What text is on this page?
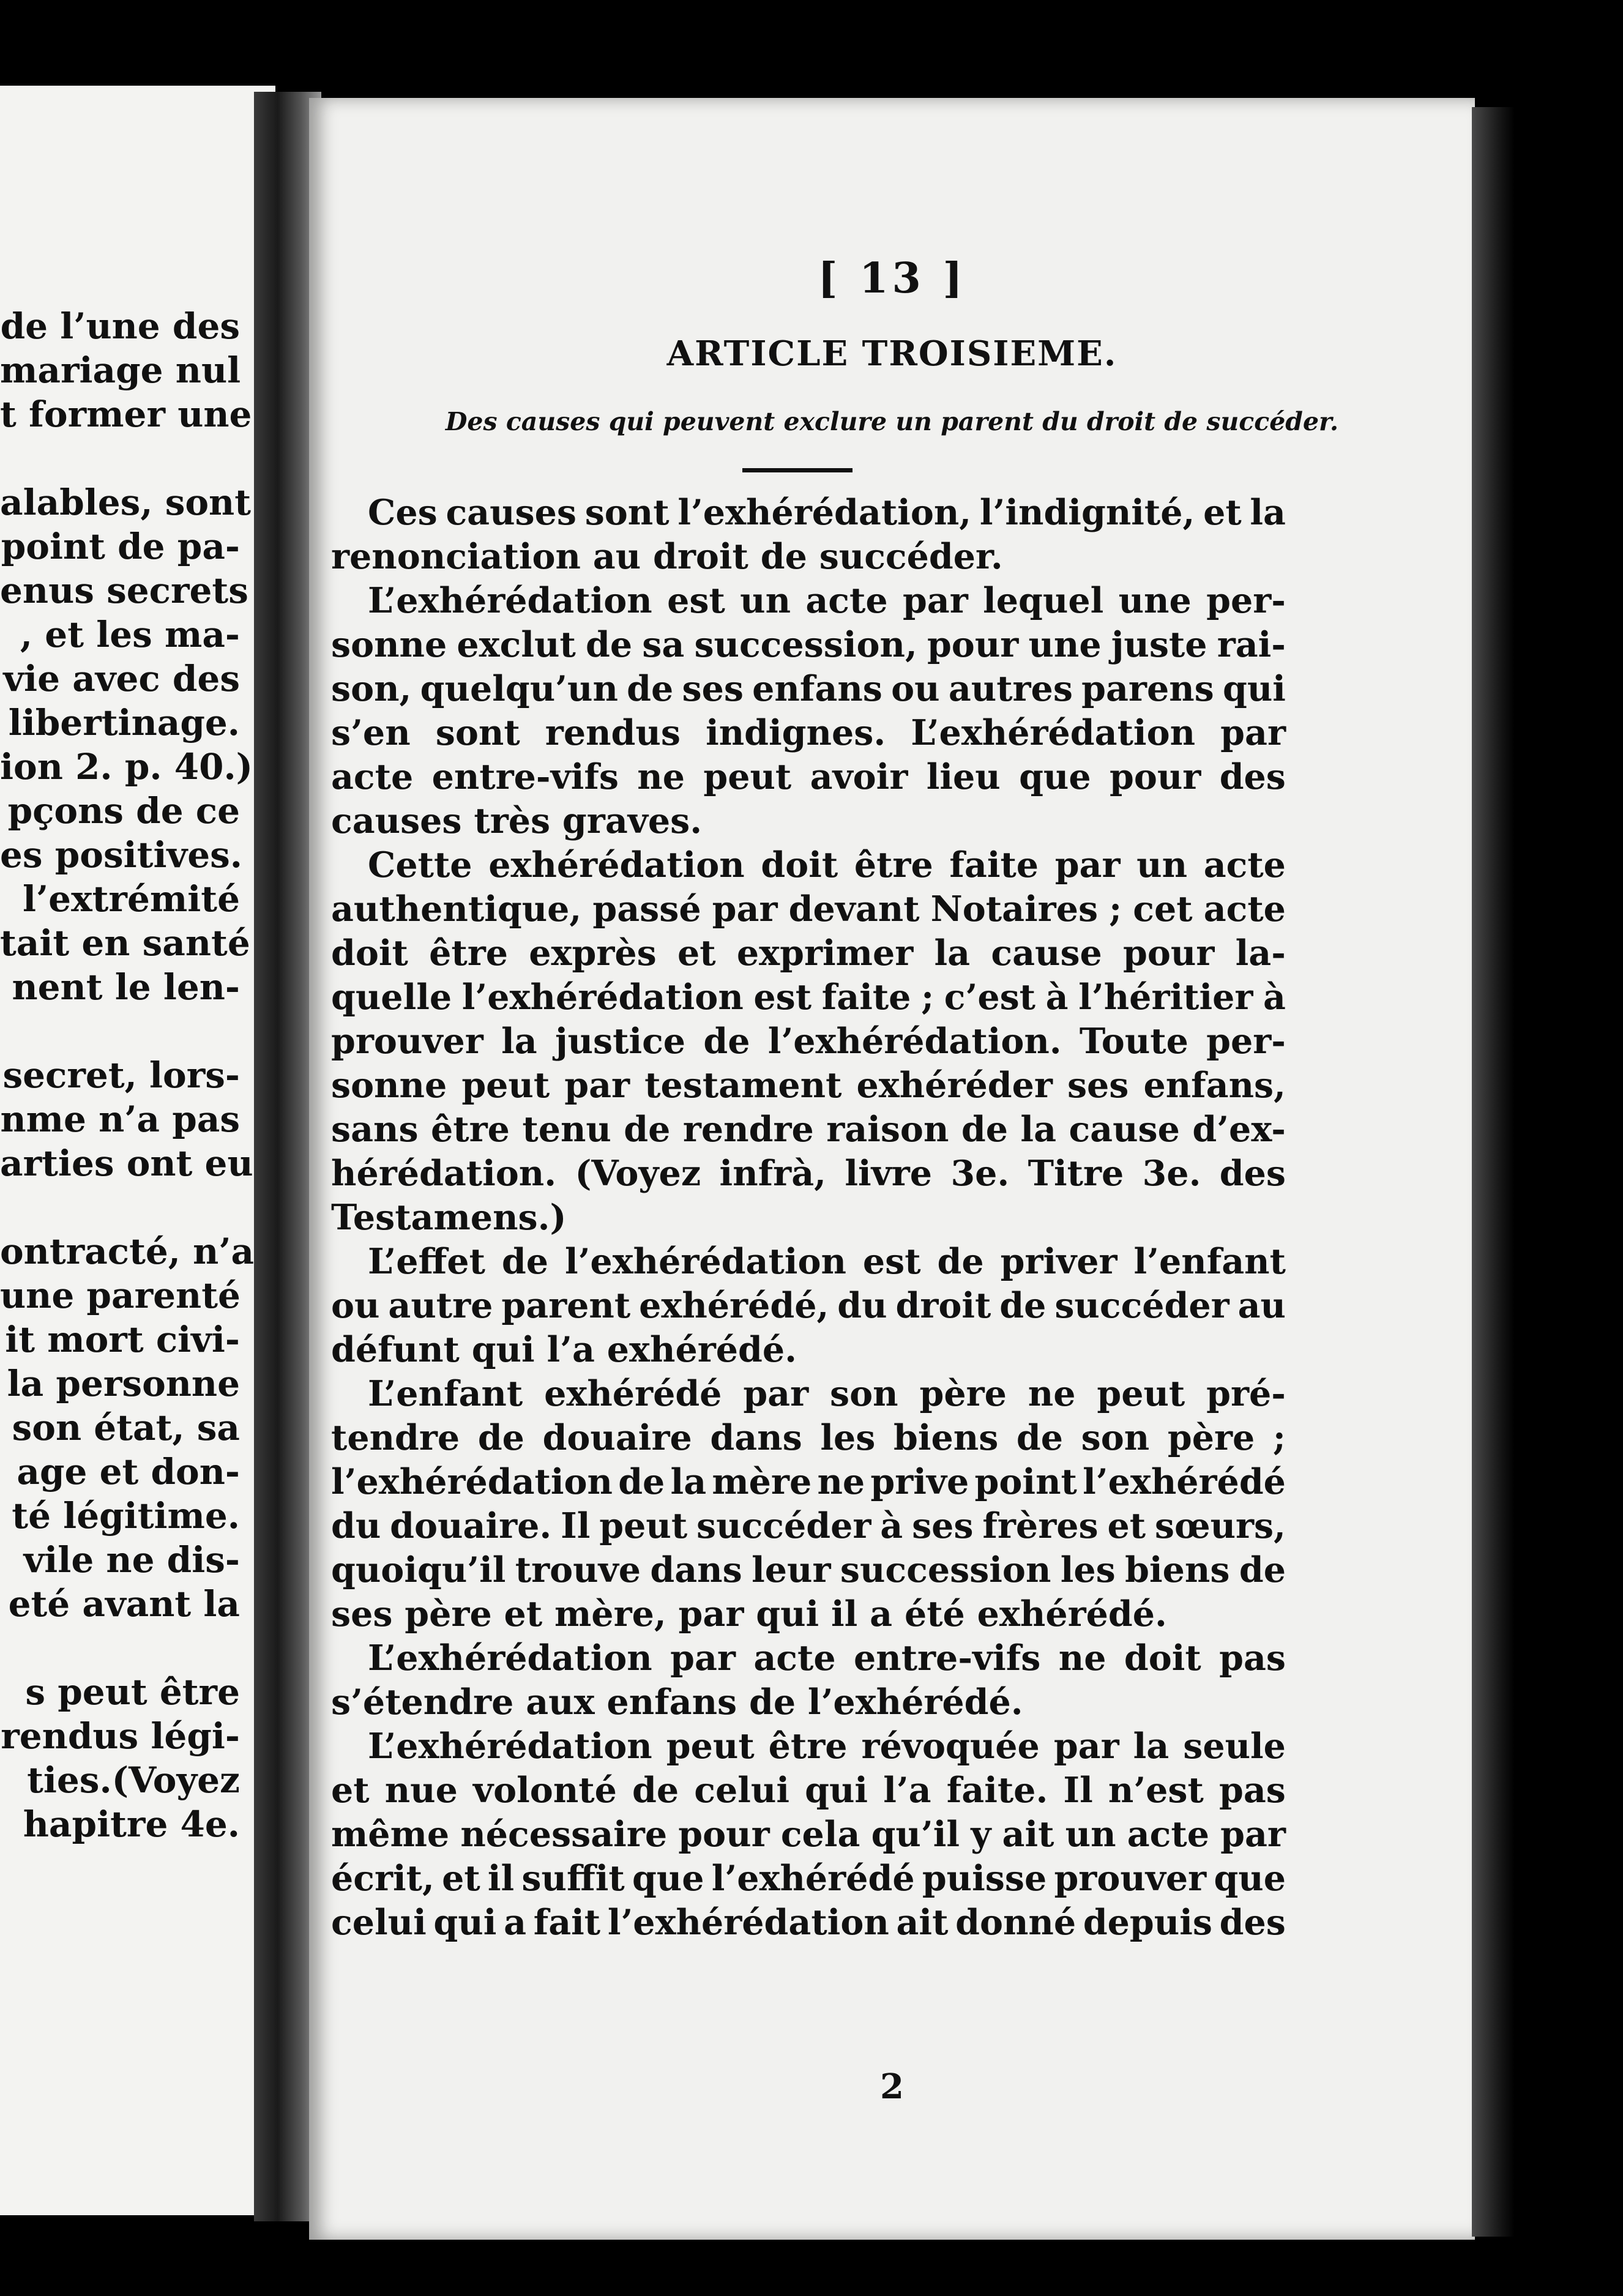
de l’une des
mariage nul
t former une
alables, sont
point de pa-
enus secrets
, et les ma-
vie avec des
libertinage.
ion 2. p. 40.)
pçons de ce
es positives.
l’extrémité
tait en santé
nent le len-
secret, lors-
nme n’a pas
arties ont eu
ontracté, n’a
une parenté
it mort civi-
la personne
son état, sa
age et don-
té légitime.
vile ne dis-
eté avant la
s peut être
rendus légi-
ties.(Voyez
hapitre 4e.
[ 13 ]
ARTICLE TROISIEME.
Des causes qui peuvent exclure un parent du droit de succéder.
Ces causes sont l’exhérédation, l’indignité, et la
renonciation au droit de succéder.
L’exhérédation est un acte par lequel une per-
sonne exclut de sa succession, pour une juste rai-
son, quelqu’un de ses enfans ou autres parens qui
s’en sont rendus indignes. L’exhérédation par
acte entre-vifs ne peut avoir lieu que pour des
causes très graves.
Cette exhérédation doit être faite par un acte
authentique, passé par devant Notaires ; cet acte
doit être exprès et exprimer la cause pour la-
quelle l’exhérédation est faite ; c’est à l’héritier à
prouver la justice de l’exhérédation. Toute per-
sonne peut par testament exhéréder ses enfans,
sans être tenu de rendre raison de la cause d’ex-
hérédation. (Voyez infrà, livre 3e. Titre 3e. des
Testamens.)
L’effet de l’exhérédation est de priver l’enfant
ou autre parent exhérédé, du droit de succéder au
défunt qui l’a exhérédé.
L’enfant exhérédé par son père ne peut pré-
tendre de douaire dans les biens de son père ;
l’exhérédation de la mère ne prive point l’exhérédé
du douaire. Il peut succéder à ses frères et sœurs,
quoiqu’il trouve dans leur succession les biens de
ses père et mère, par qui il a été exhérédé.
L’exhérédation par acte entre-vifs ne doit pas
s’étendre aux enfans de l’exhérédé.
L’exhérédation peut être révoquée par la seule
et nue volonté de celui qui l’a faite. Il n’est pas
même nécessaire pour cela qu’il y ait un acte par
écrit, et il suffit que l’exhérédé puisse prouver que
celui qui a fait l’exhérédation ait donné depuis des
2
